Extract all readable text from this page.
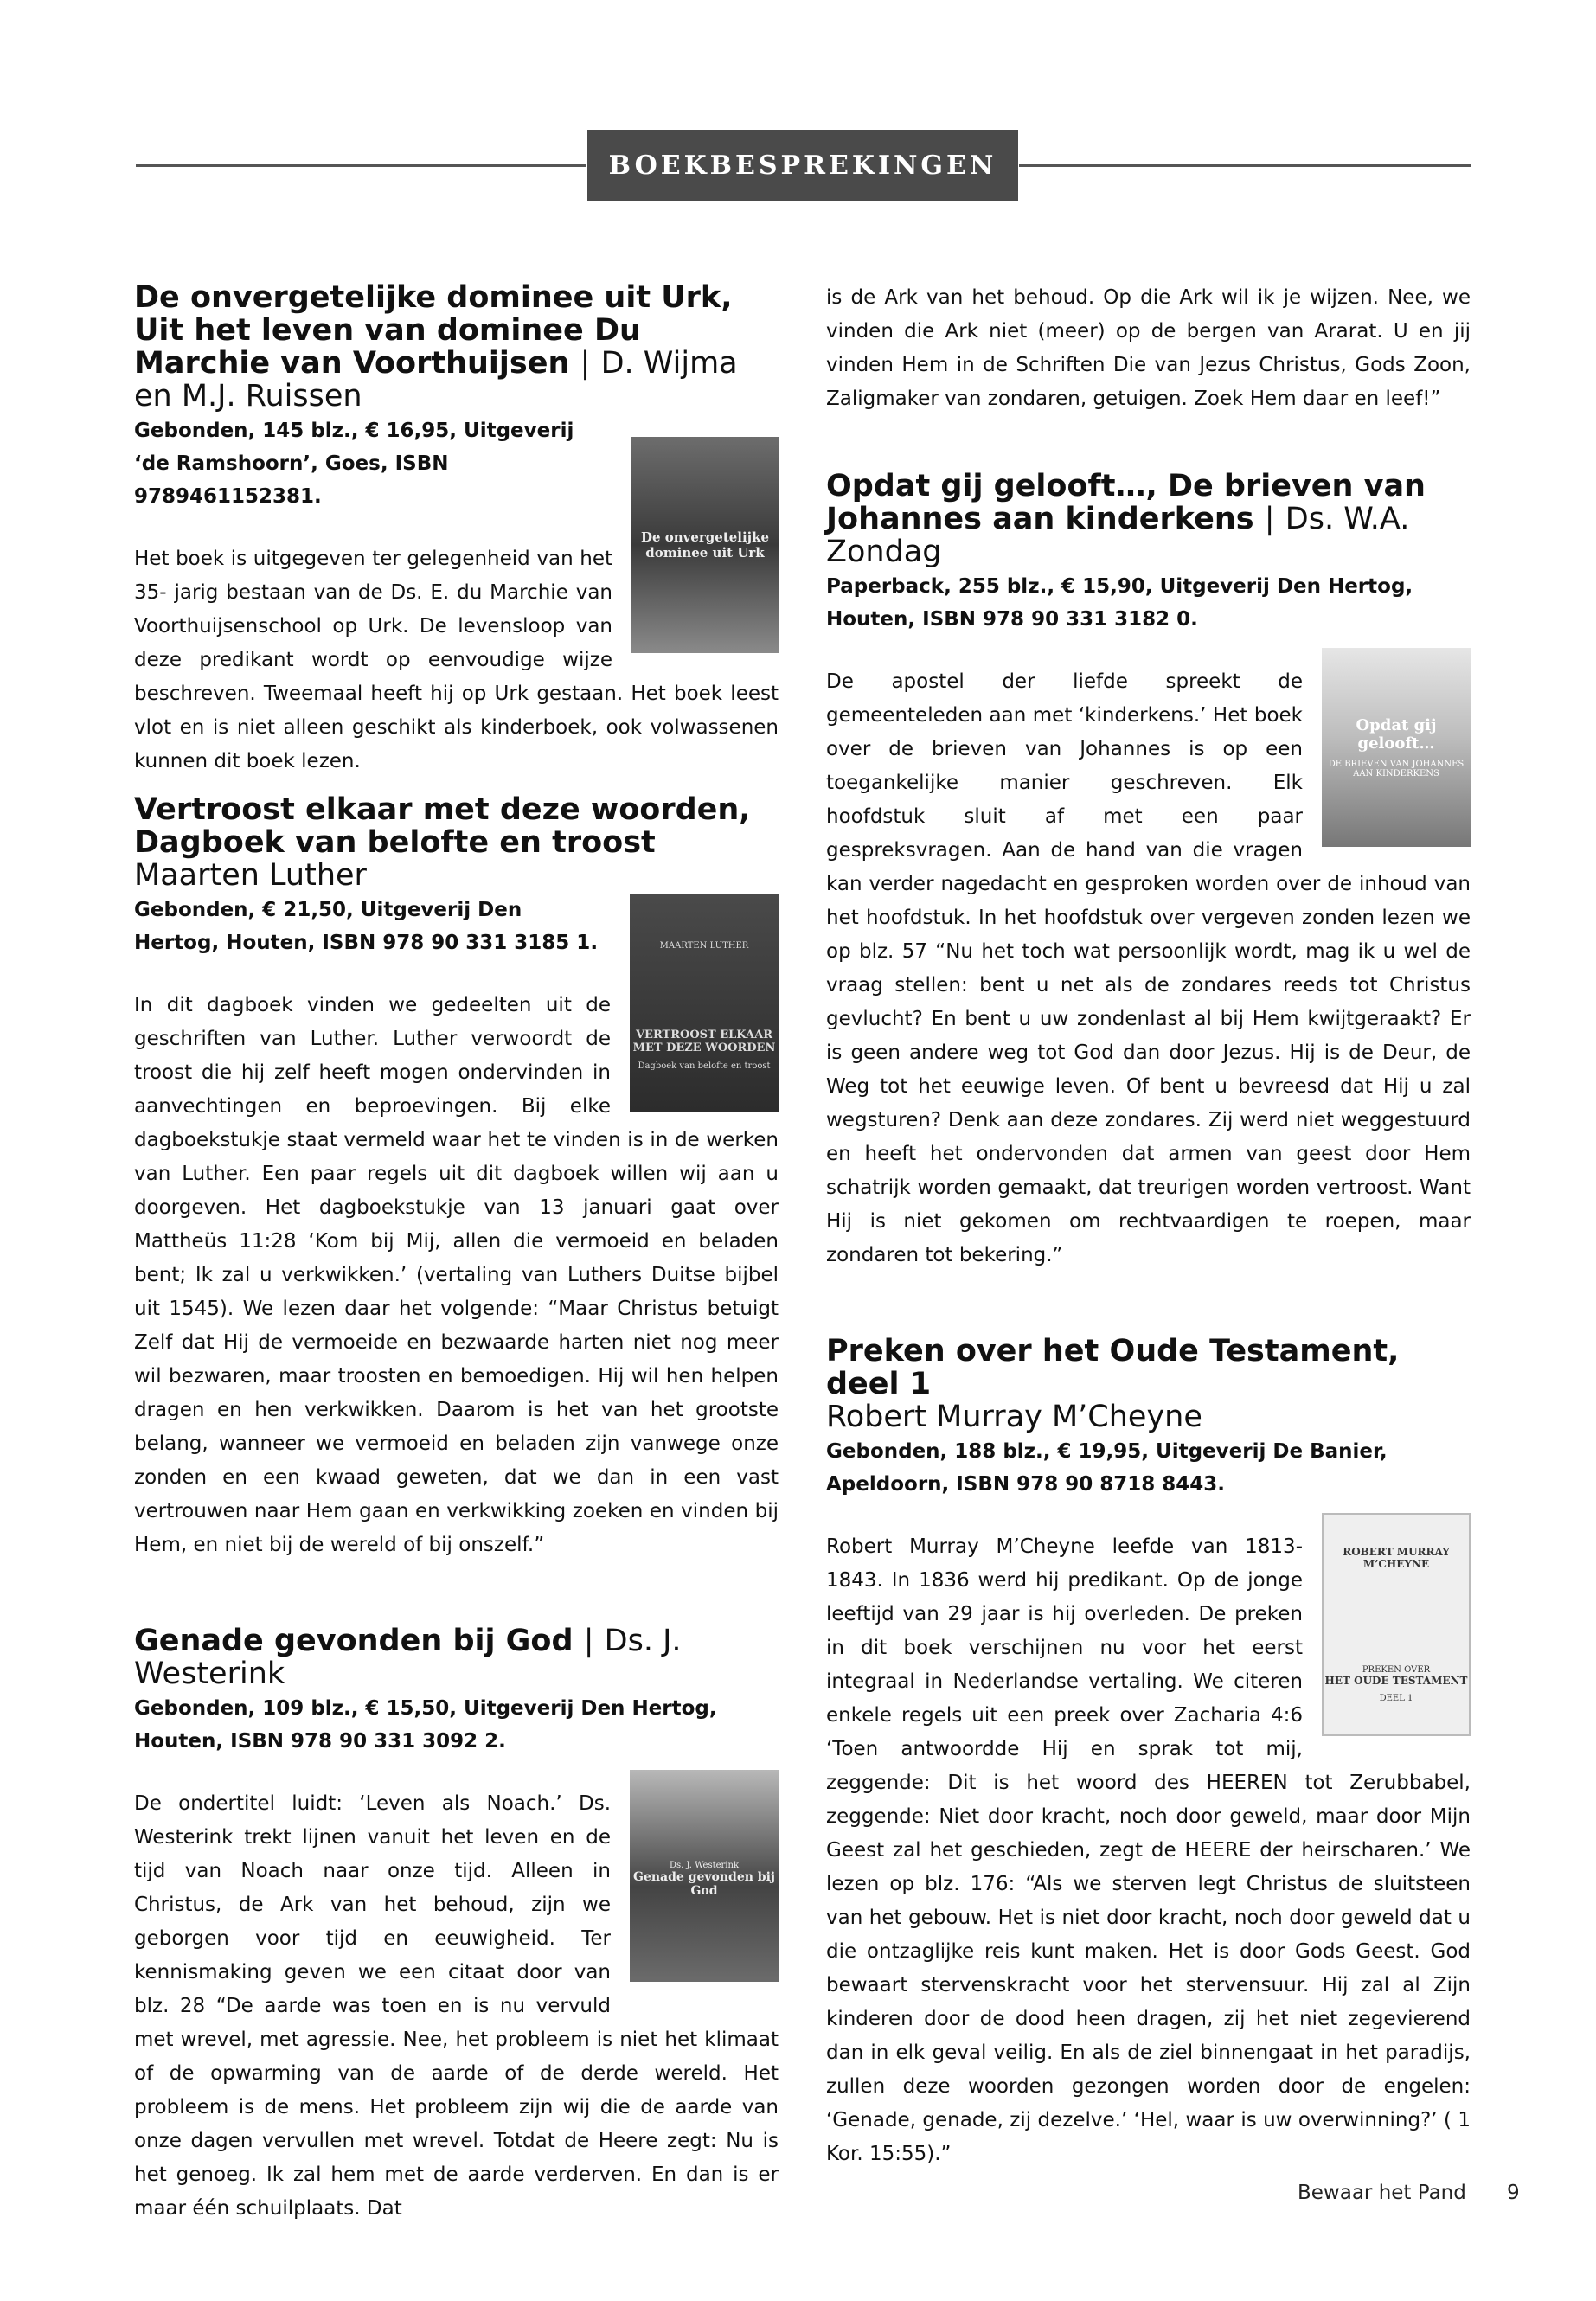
BOEKBESPREKINGEN
De onvergetelijke dominee uit Urk, Uit het leven van dominee Du Marchie van Voorthuijsen | D. Wijma en M.J. Ruissen
De onvergetelijke dominee uit Urk

Gebonden, 145 blz., € 16,95, Uitgeverij ‘de Ramshoorn’, Goes, ISBN 9789461152381.

Het boek is uitgegeven ter gelegenheid van het 35- jarig bestaan van de Ds. E. du Marchie van Voorthuijsenschool op Urk. De levensloop van deze predikant wordt op eenvoudige wijze beschreven. Tweemaal heeft hij op Urk gestaan. Het boek leest vlot en is niet alleen geschikt als kinderboek, ook volwassenen kunnen dit boek lezen.

Vertroost elkaar met deze woorden, Dagboek van belofte en troost
Maarten Luther
MAARTEN LUTHER
VERTROOST ELKAAR MET DEZE WOORDEN
Dagboek van belofte en troost

Gebonden, € 21,50, Uitgeverij Den Hertog, Houten, ISBN 978 90 331 3185 1.

In dit dagboek vinden we gedeelten uit de geschriften van Luther. Luther verwoordt de troost die hij zelf heeft mogen ondervinden in aanvechtingen en beproevingen. Bij elke dagboekstukje staat vermeld waar het te vinden is in de werken van Luther. Een paar regels uit dit dagboek willen wij aan u doorgeven. Het dagboekstukje van 13 januari gaat over Mattheüs 11:28 ‘Kom bij Mij, allen die vermoeid en beladen bent; Ik zal u verkwikken.’ (vertaling van Luthers Duitse bijbel uit 1545). We lezen daar het volgende: “Maar Christus betuigt Zelf dat Hij de vermoeide en bezwaarde harten niet nog meer wil bezwaren, maar troosten en bemoedigen. Hij wil hen helpen dragen en hen verkwikken. Daarom is het van het grootste belang, wanneer we vermoeid en beladen zijn vanwege onze zonden en een kwaad geweten, dat we dan in een vast vertrouwen naar Hem gaan en verkwikking zoeken en vinden bij Hem, en niet bij de wereld of bij onszelf.”

Genade gevonden bij God | Ds. J. Westerink

Gebonden, 109 blz., € 15,50, Uitgeverij Den Hertog, Houten, ISBN 978 90 331 3092 2.

Ds. J. Westerink
Genade gevonden bij God

De ondertitel luidt: ‘Leven als Noach.’ Ds. Westerink trekt lijnen vanuit het leven en de tijd van Noach naar onze tijd. Alleen in Christus, de Ark van het behoud, zijn we geborgen voor tijd en eeuwigheid. Ter kennismaking geven we een citaat door van blz. 28 “De aarde was toen en is nu vervuld met wrevel, met agressie. Nee, het probleem is niet het klimaat of de opwarming van de aarde of de derde wereld. Het probleem is de mens. Het probleem zijn wij die de aarde van onze dagen vervullen met wrevel. Totdat de Heere zegt: Nu is het genoeg. Ik zal hem met de aarde verderven. En dan is er maar één schuilplaats. Dat

is de Ark van het behoud. Op die Ark wil ik je wijzen. Nee, we vinden die Ark niet (meer) op de bergen van Ararat. U en jij vinden Hem in de Schriften Die van Jezus Christus, Gods Zoon, Zaligmaker van zondaren, getuigen. Zoek Hem daar en leef!”

Opdat gij gelooft…, De brieven van Johannes aan kinderkens | Ds. W.A. Zondag

Paperback, 255 blz., € 15,90, Uitgeverij Den Hertog, Houten, ISBN 978 90 331 3182 0.

Opdat gij gelooft…
DE BRIEVEN VAN JOHANNES AAN KINDERKENS

De apostel der liefde spreekt de gemeenteleden aan met ‘kinderkens.’ Het boek over de brieven van Johannes is op een toegankelijke manier geschreven. Elk hoofdstuk sluit af met een paar gespreksvragen. Aan de hand van die vragen kan verder nagedacht en gesproken worden over de inhoud van het hoofdstuk. In het hoofdstuk over vergeven zonden lezen we op blz. 57 “Nu het toch wat persoonlijk wordt, mag ik u wel de vraag stellen: bent u net als de zondares reeds tot Christus gevlucht? En bent u uw zondenlast al bij Hem kwijtgeraakt? Er is geen andere weg tot God dan door Jezus. Hij is de Deur, de Weg tot het eeuwige leven. Of bent u bevreesd dat Hij u zal wegsturen? Denk aan deze zondares. Zij werd niet weggestuurd en heeft het ondervonden dat armen van geest door Hem schatrijk worden gemaakt, dat treurigen worden vertroost. Want Hij is niet gekomen om rechtvaardigen te roepen, maar zondaren tot bekering.”

Preken over het Oude Testament, deel 1
Robert Murray M’Cheyne

Gebonden, 188 blz., € 19,95, Uitgeverij De Banier, Apeldoorn, ISBN 978 90 8718 8443.

ROBERT MURRAY M’CHEYNE
PREKEN OVER
HET OUDE TESTAMENT
DEEL 1

Robert Murray M’Cheyne leefde van 1813-1843. In 1836 werd hij predikant. Op de jonge leeftijd van 29 jaar is hij overleden. De preken in dit boek verschijnen nu voor het eerst integraal in Nederlandse vertaling. We citeren enkele regels uit een preek over Zacharia 4:6 ‘Toen antwoordde Hij en sprak tot mij, zeggende: Dit is het woord des HEEREN tot Zerubbabel, zeggende: Niet door kracht, noch door geweld, maar door Mijn Geest zal het geschieden, zegt de HEERE der heirscharen.’ We lezen op blz. 176: “Als we sterven legt Christus de sluitsteen van het gebouw. Het is niet door kracht, noch door geweld dat u die ontzaglijke reis kunt maken. Het is door Gods Geest. God bewaart stervenskracht voor het stervensuur. Hij zal al Zijn kinderen door de dood heen dragen, zij het niet zegevierend dan in elk geval veilig. En als de ziel binnengaat in het paradijs, zullen deze woorden gezongen worden door de engelen: ‘Genade, genade, zij dezelve.’ ‘Hel, waar is uw overwinning?’ ( 1 Kor. 15:55).”

Bewaar het Pand 9
